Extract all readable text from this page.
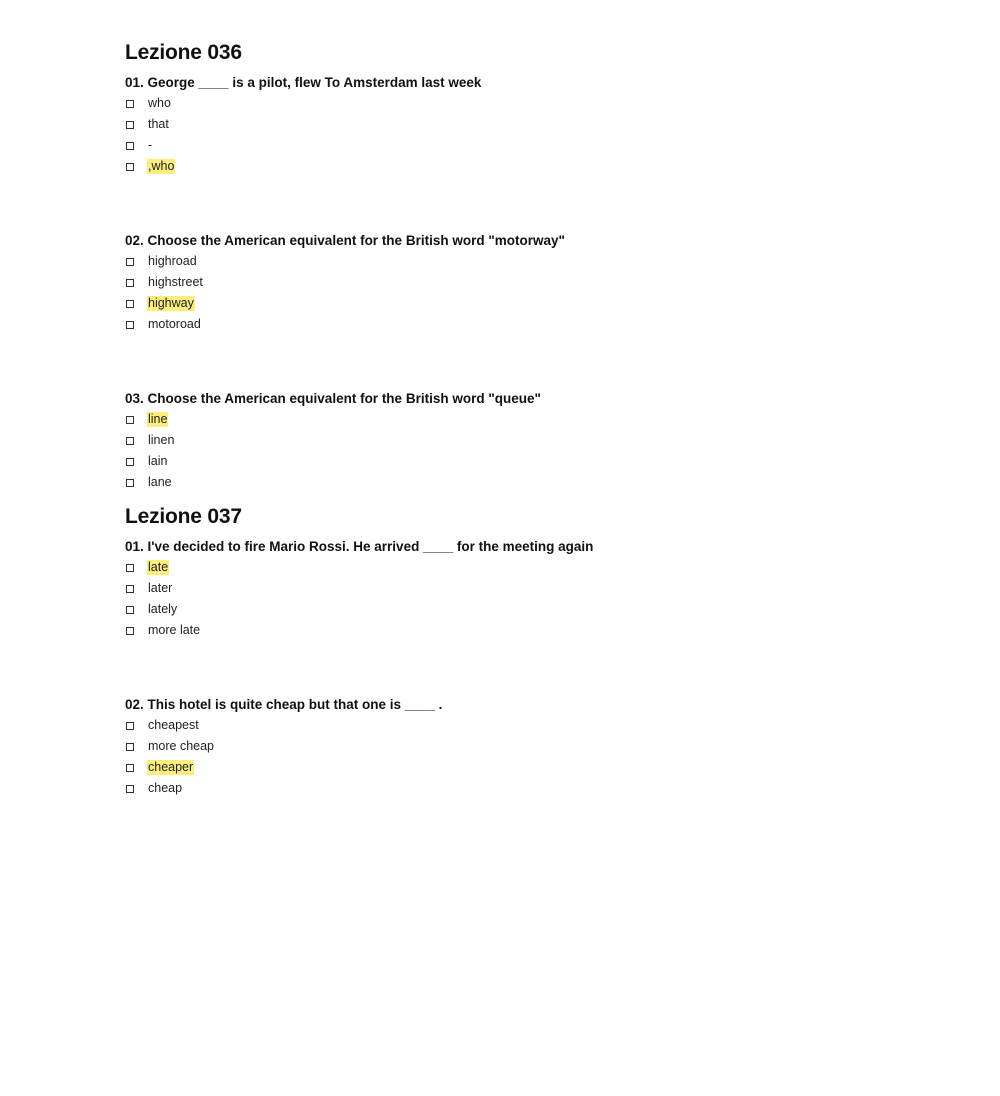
Lezione 036

01. George ____ is a pilot, flew To Amsterdam last week

who
that
-
,who

02. Choose the American equivalent for the British word "motorway"

highroad
highstreet
highway
motoroad

03. Choose the American equivalent for the British word "queue"

line
linen
lain
lane
Lezione 037

01. I've decided to fire Mario Rossi. He arrived ____ for the meeting again

late
later
lately
more late

02. This hotel is quite cheap but that one is ____ .

cheapest
more cheap
cheaper
cheap
